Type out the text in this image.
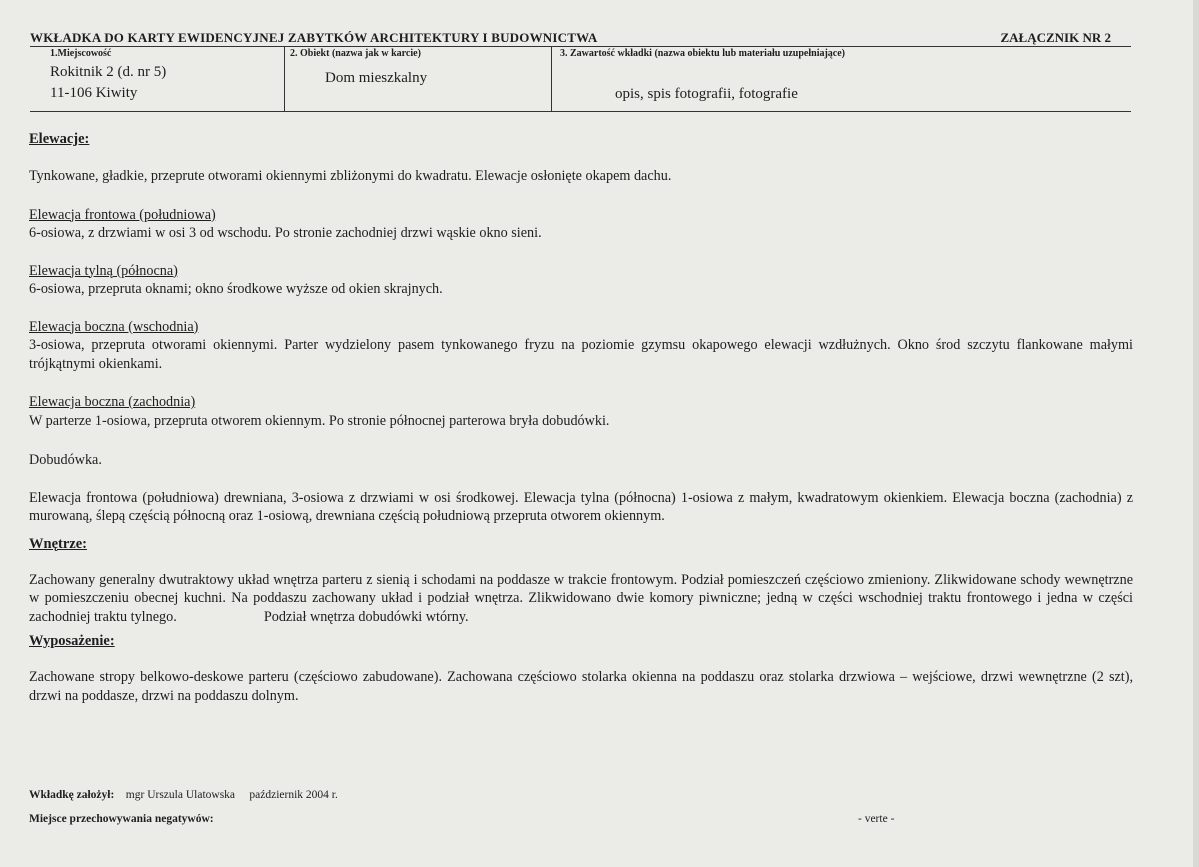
WKŁADKA DO KARTY EWIDENCYJNEJ ZABYTKÓW ARCHITEKTURY I BUDOWNICTWA	ZAŁĄCZNIK NR 2
1.Miejscowość
Rokitnik 2 (d. nr 5)
11-106 Kiwity
2. Obiekt (nazwa jak w karcie)
Dom mieszkalny
3. Zawartość wkładki (nazwa obiektu lub materiału uzupełniające)
opis, spis fotografii, fotografie
Elewacje:

Tynkowane, gładkie, przeprute otworami okiennymi zbliżonymi do kwadratu. Elewacje osłonięte okapem dachu.

Elewacja frontowa (południowa)

6-osiowa, z drzwiami w osi 3 od wschodu. Po stronie zachodniej drzwi wąskie okno sieni.

Elewacja tylną (północna)

6-osiowa, przepruta oknami; okno środkowe wyższe od okien skrajnych.

Elewacja boczna (wschodnia)

3-osiowa, przepruta otworami okiennymi. Parter wydzielony pasem tynkowanego fryzu na poziomie gzymsu okapowego elewacji wzdłużnych. Okno środ szczytu flankowane małymi trójkątnymi okienkami.

Elewacja boczna (zachodnia)

W parterze 1-osiowa, przepruta otworem okiennym. Po stronie północnej parterowa bryła dobudówki.

Dobudówka.

Elewacja frontowa (południowa) drewniana, 3-osiowa z drzwiami w osi środkowej. Elewacja tylna (północna) 1-osiowa z małym, kwadratowym okienkiem. Elewacja boczna (zachodnia) z murowaną, ślepą częścią północną oraz 1-osiową, drewniana częścią południową przepruta otworem okiennym.

Wnętrze:

Zachowany generalny dwutraktowy układ wnętrza parteru z sienią i schodami na poddasze w trakcie frontowym. Podział pomieszczeń częściowo zmieniony. Zlikwidowane schody wewnętrzne w pomieszczeniu obecnej kuchni. Na poddaszu zachowany układ i podział wnętrza. Zlikwidowano dwie komory piwniczne; jedną w części wschodniej traktu frontowego i jedna w części zachodniej traktu tylnego.	Podział wnętrza dobudówki wtórny.

Wyposażenie:

Zachowane stropy belkowo-deskowe parteru (częściowo zabudowane). Zachowana częściowo stolarka okienna na poddaszu oraz stolarka drzwiowa – wejściowe, drzwi wewnętrzne (2 szt), drzwi na poddasze, drzwi na poddaszu dolnym.

Wkładkę założył: mgr Urszula Ulatowska październik 2004 r.
Miejsce przechowywania negatywów:	- verte -
